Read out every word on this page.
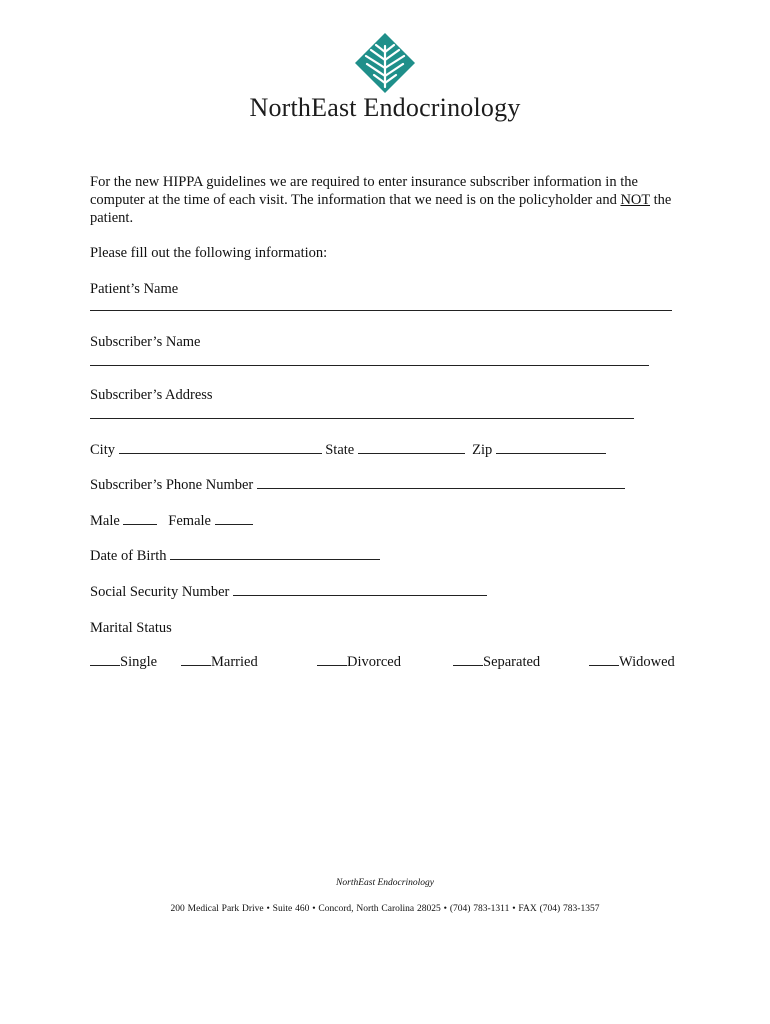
NorthEast Endocrinology
For the new HIPPA guidelines we are required to enter insurance subscriber information in the computer at the time of each visit. The information that we need is on the policyholder and NOT the patient.
Please fill out the following information:
Patient’s Name
Subscriber’s Name
Subscriber’s Address
City	State	Zip
Subscriber’s Phone Number
Male	Female
Date of Birth
Social Security Number
Marital Status
Single	Married	Divorced	Separated	Widowed
NorthEast Endocrinology
200 Medical Park Drive • Suite 460 • Concord, North Carolina 28025 • (704) 783-1311 • FAX (704) 783-1357
